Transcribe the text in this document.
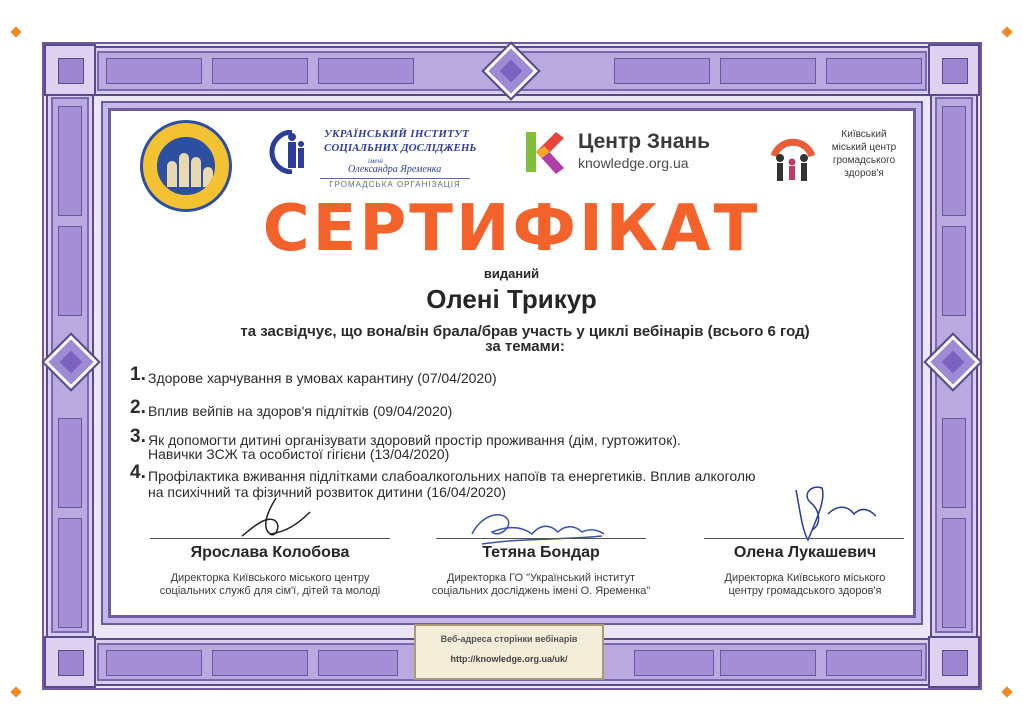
УКРАЇНСЬКИЙ ІНСТИТУТ
СОЦІАЛЬНИХ ДОСЛІДЖЕНЬ
імені
Олександра Яременка
ГРОМАДСЬКА ОРГАНІЗАЦІЯ
Центр Знань
knowledge.org.ua
Київський
міський центр
громадського
здоров'я
СЕРТИФІКАТ
виданий
Олені Трикур
та засвідчує, що вона/він брала/брав участь у циклі вебінарів (всього 6 год)
за темами:
1. Здорове харчування в умовах карантину (07/04/2020)
2. Вплив вейпів на здоров'я підлітків (09/04/2020)
3. Як допомогти дитині організувати здоровий простір проживання (дім, гуртожиток).
Навички ЗСЖ та особистої гігієни (13/04/2020)
4. Профілактика вживання підлітками слабоалкогольних напоїв та енергетиків. Вплив алкоголю
на психічний та фізичний розвиток дитини (16/04/2020)
Ярослава Колобова
Директорка Київського міського центру
соціальних служб для сім'ї, дітей та молоді
Тетяна Бондар
Директорка ГО "Український інститут
соціальних досліджень імені О. Яременка"
Олена Лукашевич
Директорка Київського міського
центру громадського здоров'я
Веб-адреса сторінки вебінарів
http://knowledge.org.ua/uk/
